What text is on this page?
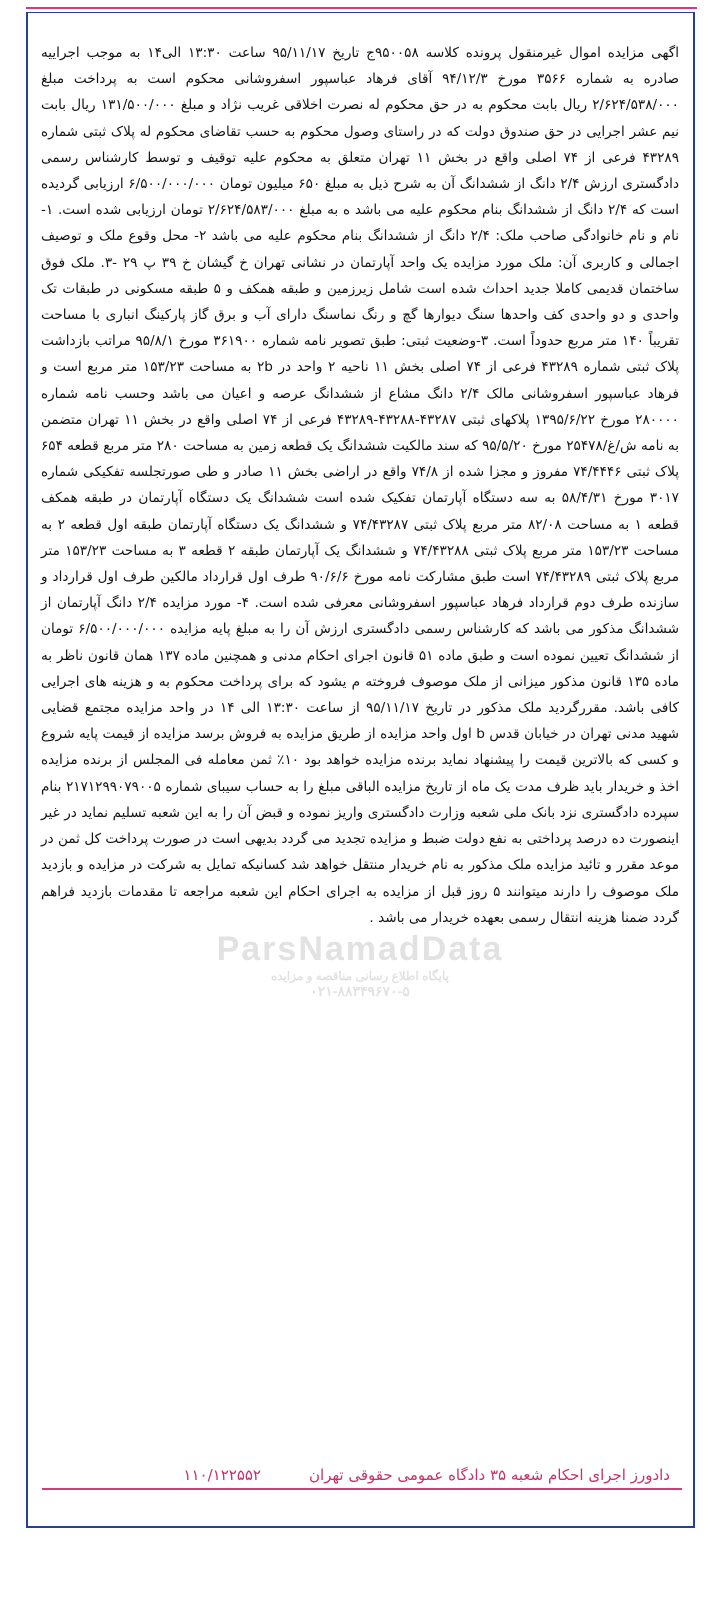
ParsNamadData
پایگاه اطلاع رسانی مناقصه و مزایده
۰۲۱-۸۸۳۴۹۶۷۰-۵
اگهی مزایده اموال غیرمنقول پرونده کلاسه ۹۵۰۰۵۸ج تاریخ ۹۵/۱۱/۱۷ ساعت ۱۳:۳۰ الی۱۴ به موجب اجراییه صادره به شماره ۳۵۶۶ مورخ ۹۴/۱۲/۳ آقای فرهاد عباسپور اسفروشانی محکوم است به پرداخت مبلغ ۲/۶۲۴/۵۳۸/۰۰۰ ریال بابت محکوم به در حق محکوم له نصرت اخلاقی غریب نژاد و مبلغ ۱۳۱/۵۰۰/۰۰۰ ریال بابت نیم عشر اجرایی در حق صندوق دولت که در راستای وصول محکوم به حسب تقاضای محکوم له پلاک ثبتی شماره ۴۳۲۸۹ فرعی از ۷۴ اصلی واقع در بخش ۱۱ تهران متعلق به محکوم علیه توقیف و توسط کارشناس رسمی دادگستری ارزش ۲/۴ دانگ از ششدانگ آن به شرح ذیل به مبلغ ۶۵۰ میلیون تومان ۶/۵۰۰/۰۰۰/۰۰۰ ارزیابی گردیده است که ۲/۴ دانگ از ششدانگ بنام محکوم علیه می باشد ه به مبلغ ۲/۶۲۴/۵۸۳/۰۰۰ تومان ارزیابی شده است. ۱- نام و نام خانوادگی صاحب ملک: ۲/۴ دانگ از ششدانگ بنام محکوم علیه می باشد ۲- محل وقوع ملک و توصیف اجمالی و کاربری آن: ملک مورد مزایده یک واحد آپارتمان در نشانی تهران خ گیشان خ ۳۹ پ ۲۹ -۳. ملک فوق ساختمان قدیمی کاملا جدید احداث شده است شامل زیرزمین و طبقه همکف و ۵ طبقه مسکونی در طبقات تک واحدی و دو واحدی کف واحدها سنگ دیوارها گچ و رنگ نماسنگ دارای آب و برق گاز پارکینگ انباری با مساحت تقریباً ۱۴۰ متر مربع حدوداً است. ۳-وضعیت ثبتی: طبق تصویر نامه شماره ۳۶۱۹۰۰ مورخ ۹۵/۸/۱ مراتب بازداشت پلاک ثبتی شماره ۴۳۲۸۹ فرعی از ۷۴ اصلی بخش ۱۱ ناحیه ۲ واحد در ۲b به مساحت ۱۵۳/۲۳ متر مربع است و فرهاد عباسپور اسفروشانی مالک ۲/۴ دانگ مشاع از ششدانگ عرصه و اعیان می باشد وحسب نامه شماره ۲۸۰۰۰۰ مورخ ۱۳۹۵/۶/۲۲ پلاکهای ثبتی ۴۳۲۸۷-۴۳۲۸۸-۴۳۲۸۹ فرعی از ۷۴ اصلی واقع در بخش ۱۱ تهران متضمن به نامه ش/غ/۲۵۴۷۸ مورخ ۹۵/۵/۲۰ که سند مالکیت ششدانگ یک قطعه زمین به مساحت ۲۸۰ متر مربع قطعه ۶۵۴ پلاک ثبتی ۷۴/۴۴۴۶ مفروز و مجزا شده از ۷۴/۸ واقع در اراضی بخش ۱۱ صادر و طی صورتجلسه تفکیکی شماره ۳۰۱۷ مورخ ۵۸/۴/۳۱ به سه دستگاه آپارتمان تفکیک شده است ششدانگ یک دستگاه آپارتمان در طبقه همکف قطعه ۱ به مساحت ۸۲/۰۸ متر مربع پلاک ثبتی ۷۴/۴۳۲۸۷ و ششدانگ یک دستگاه آپارتمان طبقه اول قطعه ۲ به مساحت ۱۵۳/۲۳ متر مربع پلاک ثبتی ۷۴/۴۳۲۸۸ و ششدانگ یک آپارتمان طبقه ۲ قطعه ۳ به مساحت ۱۵۳/۲۳ متر مربع پلاک ثبتی ۷۴/۴۳۲۸۹ است طبق مشارکت نامه مورخ ۹۰/۶/۶ طرف اول قرارداد مالکین طرف اول قرارداد و سازنده طرف دوم قرارداد فرهاد عباسپور اسفروشانی معرفی شده است. ۴- مورد مزایده ۲/۴ دانگ آپارتمان از ششدانگ مذکور می باشد که کارشناس رسمی دادگستری ارزش آن را به مبلغ پایه مزایده ۶/۵۰۰/۰۰۰/۰۰۰ تومان از ششدانگ تعیین نموده است و طبق ماده ۵۱ قانون اجرای احکام مدنی و همچنین ماده ۱۳۷ همان قانون ناظر به ماده ۱۳۵ قانون مذکور میزانی از ملک موصوف فروخته م یشود که برای پرداخت محکوم به و هزینه های اجرایی کافی باشد. مقررگردید ملک مذکور در تاریخ ۹۵/۱۱/۱۷ از ساعت ۱۳:۳۰ الی ۱۴ در واحد مزایده مجتمع قضایی شهید مدنی تهران در خیابان قدس b اول واحد مزایده از طریق مزایده به فروش برسد مزایده از قیمت پایه شروع و کسی که بالاترین قیمت را پیشنهاد نماید برنده مزایده خواهد بود ۱۰٪ ثمن معامله فی المجلس از برنده مزایده اخذ و خریدار باید ظرف مدت یک ماه از تاریخ مزایده الباقی مبلغ را به حساب سیبای شماره ۲۱۷۱۲۹۹۰۷۹۰۰۵ بنام سپرده دادگستری نزد بانک ملی شعبه وزارت دادگستری واریز نموده و قبض آن را به این شعبه تسلیم نماید در غیر اینصورت ده درصد پرداختی به نفع دولت ضبط و مزایده تجدید می گردد بدیهی است در صورت پرداخت کل ثمن در موعد مقرر و تائید مزایده ملک مذکور به نام خریدار منتقل خواهد شد کسانیکه تمایل به شرکت در مزایده و بازدید ملک موصوف را دارند میتوانند ۵ روز قبل از مزایده به اجرای احکام این شعبه مراجعه تا مقدمات بازدید فراهم گردد ضمنا هزینه انتقال رسمی بعهده خریدار می باشد .
دادورز اجرای احکام شعبه ۳۵ دادگاه عمومی حقوقی تهران
۱۱۰/۱۲۲۵۵۲
